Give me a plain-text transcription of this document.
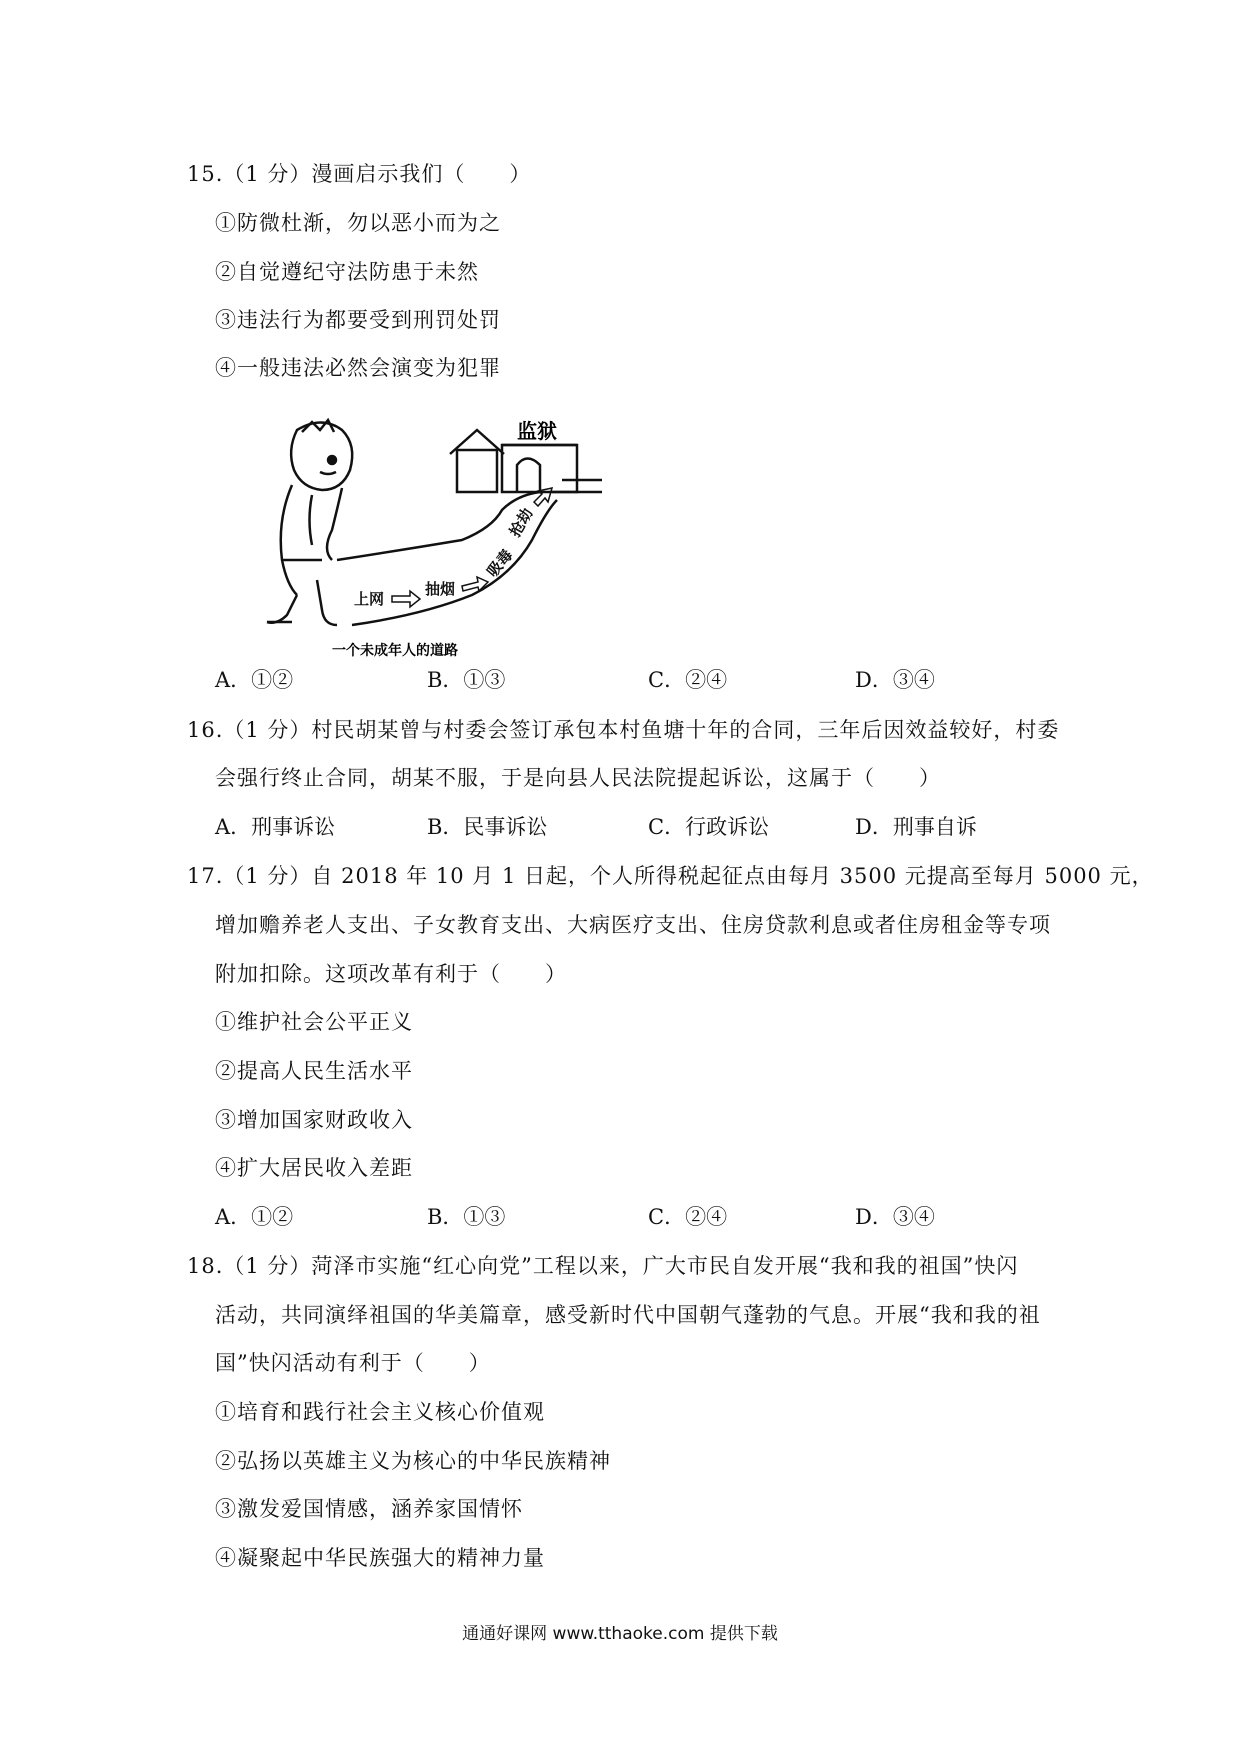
15.（1 分）漫画启示我们（　　）
①防微杜渐，勿以恶小而为之
②自觉遵纪守法防患于未然
③违法行为都要受到刑罚处罚
④一般违法必然会演变为犯罪
监狱
上网
抽烟
吸毒
抢劫
一个未成年人的道路
A．①②	B．①③	C．②④	D．③④
16.（1 分）村民胡某曾与村委会签订承包本村鱼塘十年的合同，三年后因效益较好，村委
会强行终止合同，胡某不服，于是向县人民法院提起诉讼，这属于（　　）
A．刑事诉讼	B．民事诉讼	C．行政诉讼	D．刑事自诉
17.（1 分）自 2018 年 10 月 1 日起，个人所得税起征点由每月 3500 元提高至每月 5000 元，
增加赡养老人支出、子女教育支出、大病医疗支出、住房贷款利息或者住房租金等专项
附加扣除。这项改革有利于（　　）
①维护社会公平正义
②提高人民生活水平
③增加国家财政收入
④扩大居民收入差距
A．①②	B．①③	C．②④	D．③④
18.（1 分）菏泽市实施“红心向党”工程以来，广大市民自发开展“我和我的祖国”快闪
活动，共同演绎祖国的华美篇章，感受新时代中国朝气蓬勃的气息。开展“我和我的祖
国”快闪活动有利于（　　）
①培育和践行社会主义核心价值观
②弘扬以英雄主义为核心的中华民族精神
③激发爱国情感，涵养家国情怀
④凝聚起中华民族强大的精神力量
通通好课网 www.tthaoke.com 提供下载
